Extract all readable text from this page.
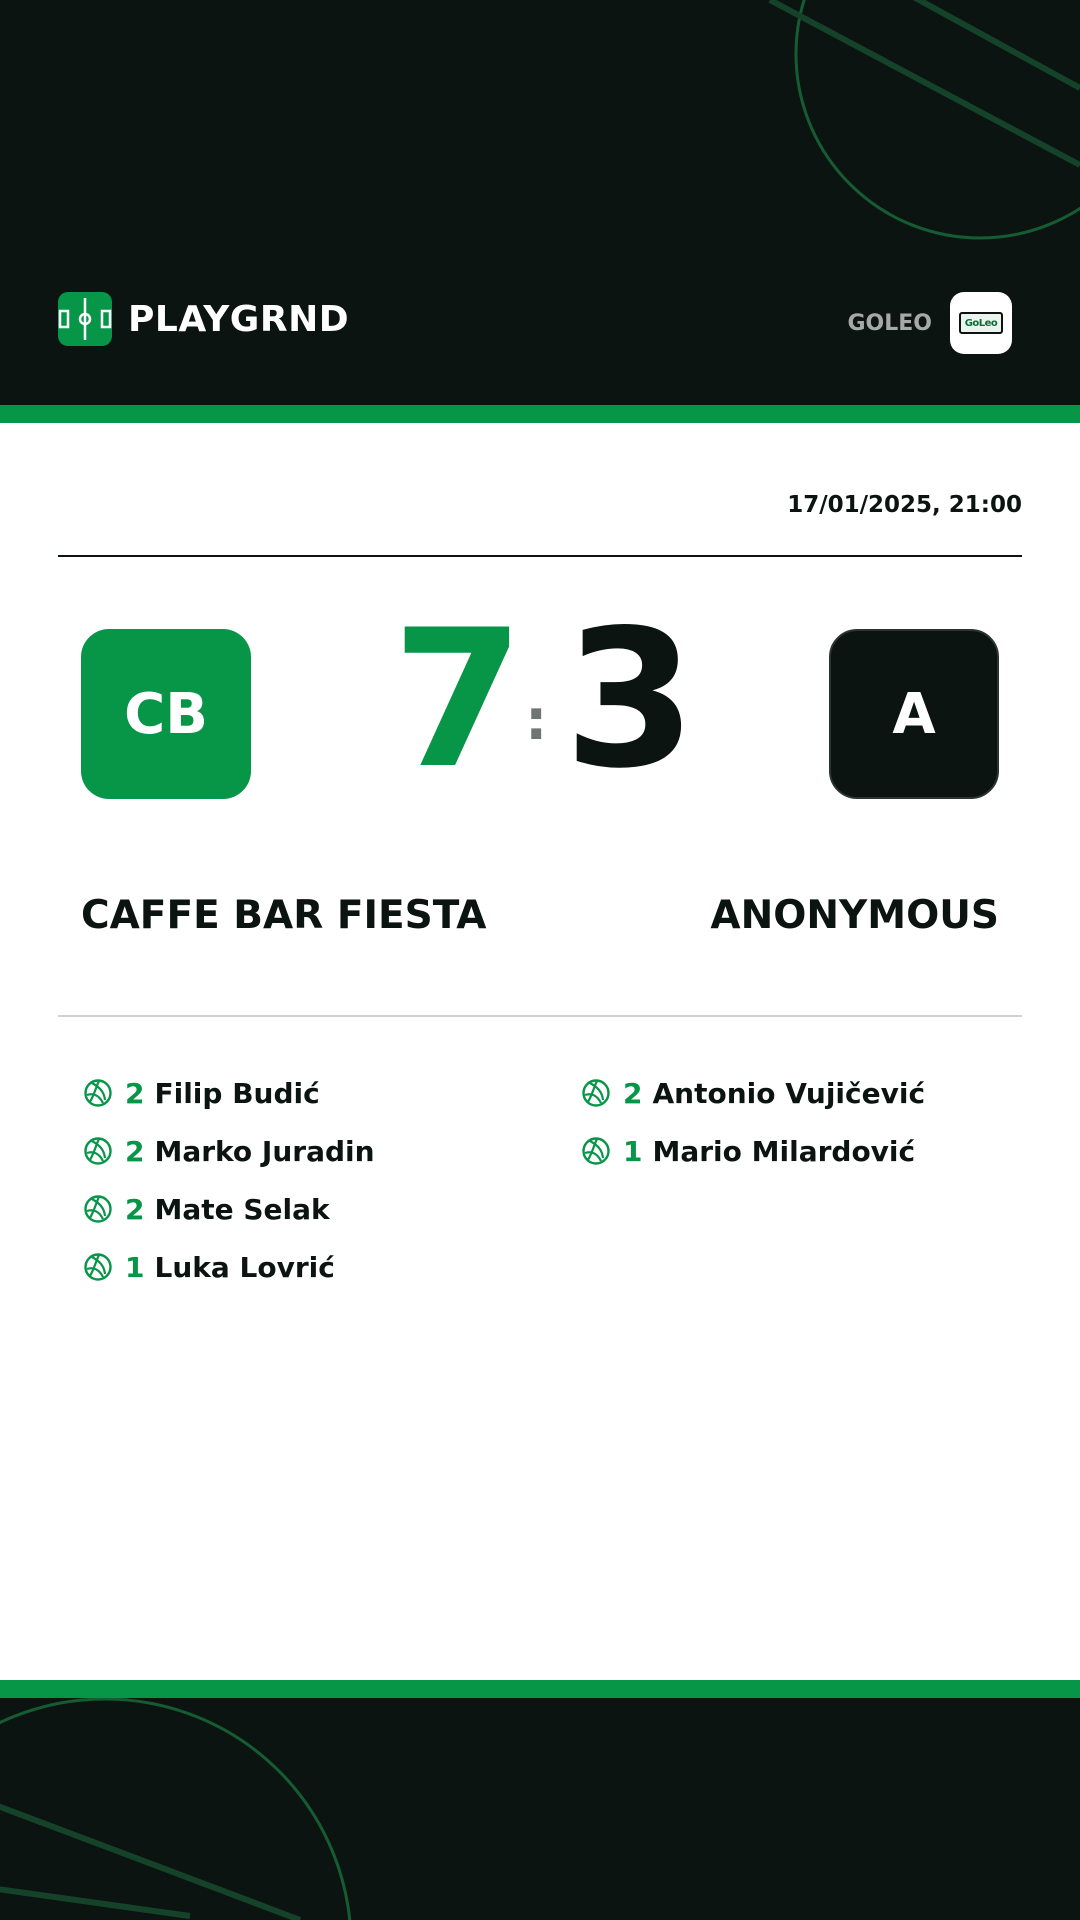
PLAYGRND	GOLEO	GoLeo
17/01/2025, 21:00
CB 7 : 3	A
CAFFE BAR FIESTA	ANONYMOUS
2 Filip Budić
2 Marko Juradin
2 Mate Selak
1 Luka Lovrić
2 Antonio Vujičević
1 Mario Milardović
